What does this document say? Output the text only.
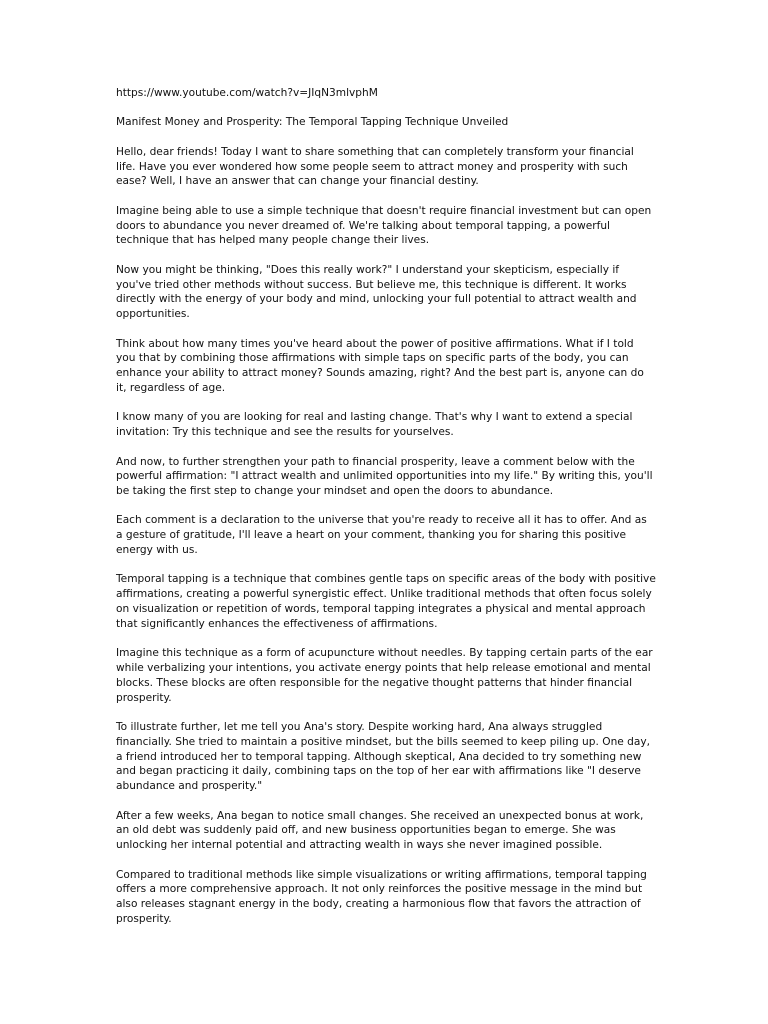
https://www.youtube.com/watch?v=JIqN3mlvphM

Manifest Money and Prosperity: The Temporal Tapping Technique Unveiled

Hello, dear friends! Today I want to share something that can completely transform your financial life. Have you ever wondered how some people seem to attract money and prosperity with such ease? Well, I have an answer that can change your financial destiny.

Imagine being able to use a simple technique that doesn't require financial investment but can open doors to abundance you never dreamed of. We're talking about temporal tapping, a powerful technique that has helped many people change their lives.

Now you might be thinking, "Does this really work?" I understand your skepticism, especially if you've tried other methods without success. But believe me, this technique is different. It works directly with the energy of your body and mind, unlocking your full potential to attract wealth and opportunities.

Think about how many times you've heard about the power of positive affirmations. What if I told you that by combining those affirmations with simple taps on specific parts of the body, you can enhance your ability to attract money? Sounds amazing, right? And the best part is, anyone can do it, regardless of age.

I know many of you are looking for real and lasting change. That's why I want to extend a special invitation: Try this technique and see the results for yourselves.

And now, to further strengthen your path to financial prosperity, leave a comment below with the powerful affirmation: "I attract wealth and unlimited opportunities into my life." By writing this, you'll be taking the first step to change your mindset and open the doors to abundance.

Each comment is a declaration to the universe that you're ready to receive all it has to offer. And as a gesture of gratitude, I'll leave a heart on your comment, thanking you for sharing this positive energy with us.

Temporal tapping is a technique that combines gentle taps on specific areas of the body with positive affirmations, creating a powerful synergistic effect. Unlike traditional methods that often focus solely on visualization or repetition of words, temporal tapping integrates a physical and mental approach that significantly enhances the effectiveness of affirmations.

Imagine this technique as a form of acupuncture without needles. By tapping certain parts of the ear while verbalizing your intentions, you activate energy points that help release emotional and mental blocks. These blocks are often responsible for the negative thought patterns that hinder financial prosperity.

To illustrate further, let me tell you Ana's story. Despite working hard, Ana always struggled financially. She tried to maintain a positive mindset, but the bills seemed to keep piling up. One day, a friend introduced her to temporal tapping. Although skeptical, Ana decided to try something new and began practicing it daily, combining taps on the top of her ear with affirmations like "I deserve abundance and prosperity."

After a few weeks, Ana began to notice small changes. She received an unexpected bonus at work, an old debt was suddenly paid off, and new business opportunities began to emerge. She was unlocking her internal potential and attracting wealth in ways she never imagined possible.

Compared to traditional methods like simple visualizations or writing affirmations, temporal tapping offers a more comprehensive approach. It not only reinforces the positive message in the mind but also releases stagnant energy in the body, creating a harmonious flow that favors the attraction of prosperity.
